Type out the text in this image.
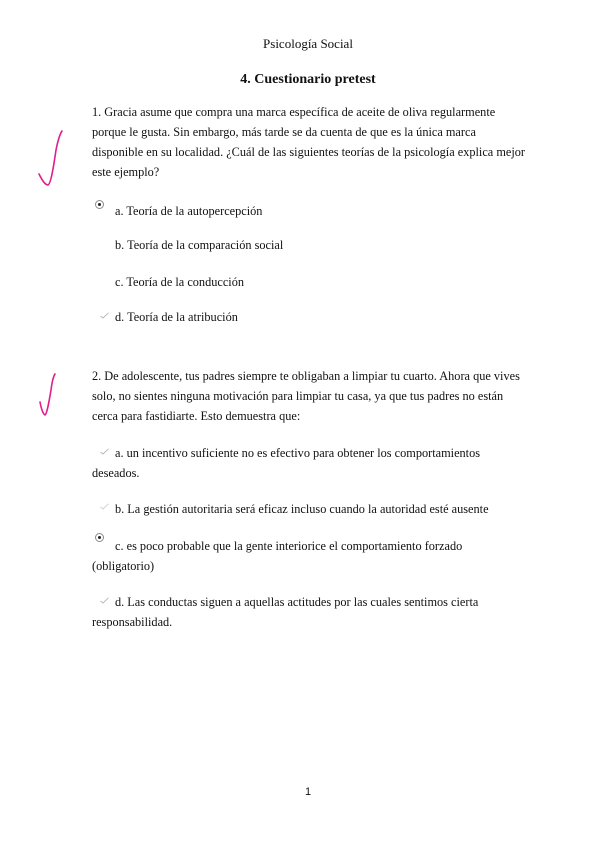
Psicología Social
4. Cuestionario pretest
1. Gracia asume que compra una marca específica de aceite de oliva regularmente porque le gusta. Sin embargo, más tarde se da cuenta de que es la única marca disponible en su localidad. ¿Cuál de las siguientes teorías de la psicología explica mejor este ejemplo?
a. Teoría de la autopercepción
b. Teoría de la comparación social
c. Teoría de la conducción
d. Teoría de la atribución
2. De adolescente, tus padres siempre te obligaban a limpiar tu cuarto. Ahora que vives solo, no sientes ninguna motivación para limpiar tu casa, ya que tus padres no están cerca para fastidiarte. Esto demuestra que:
a. un incentivo suficiente no es efectivo para obtener los comportamientos deseados.
b. La gestión autoritaria será eficaz incluso cuando la autoridad esté ausente
c. es poco probable que la gente interiorice el comportamiento forzado (obligatorio)
d. Las conductas siguen a aquellas actitudes por las cuales sentimos cierta responsabilidad.
1
